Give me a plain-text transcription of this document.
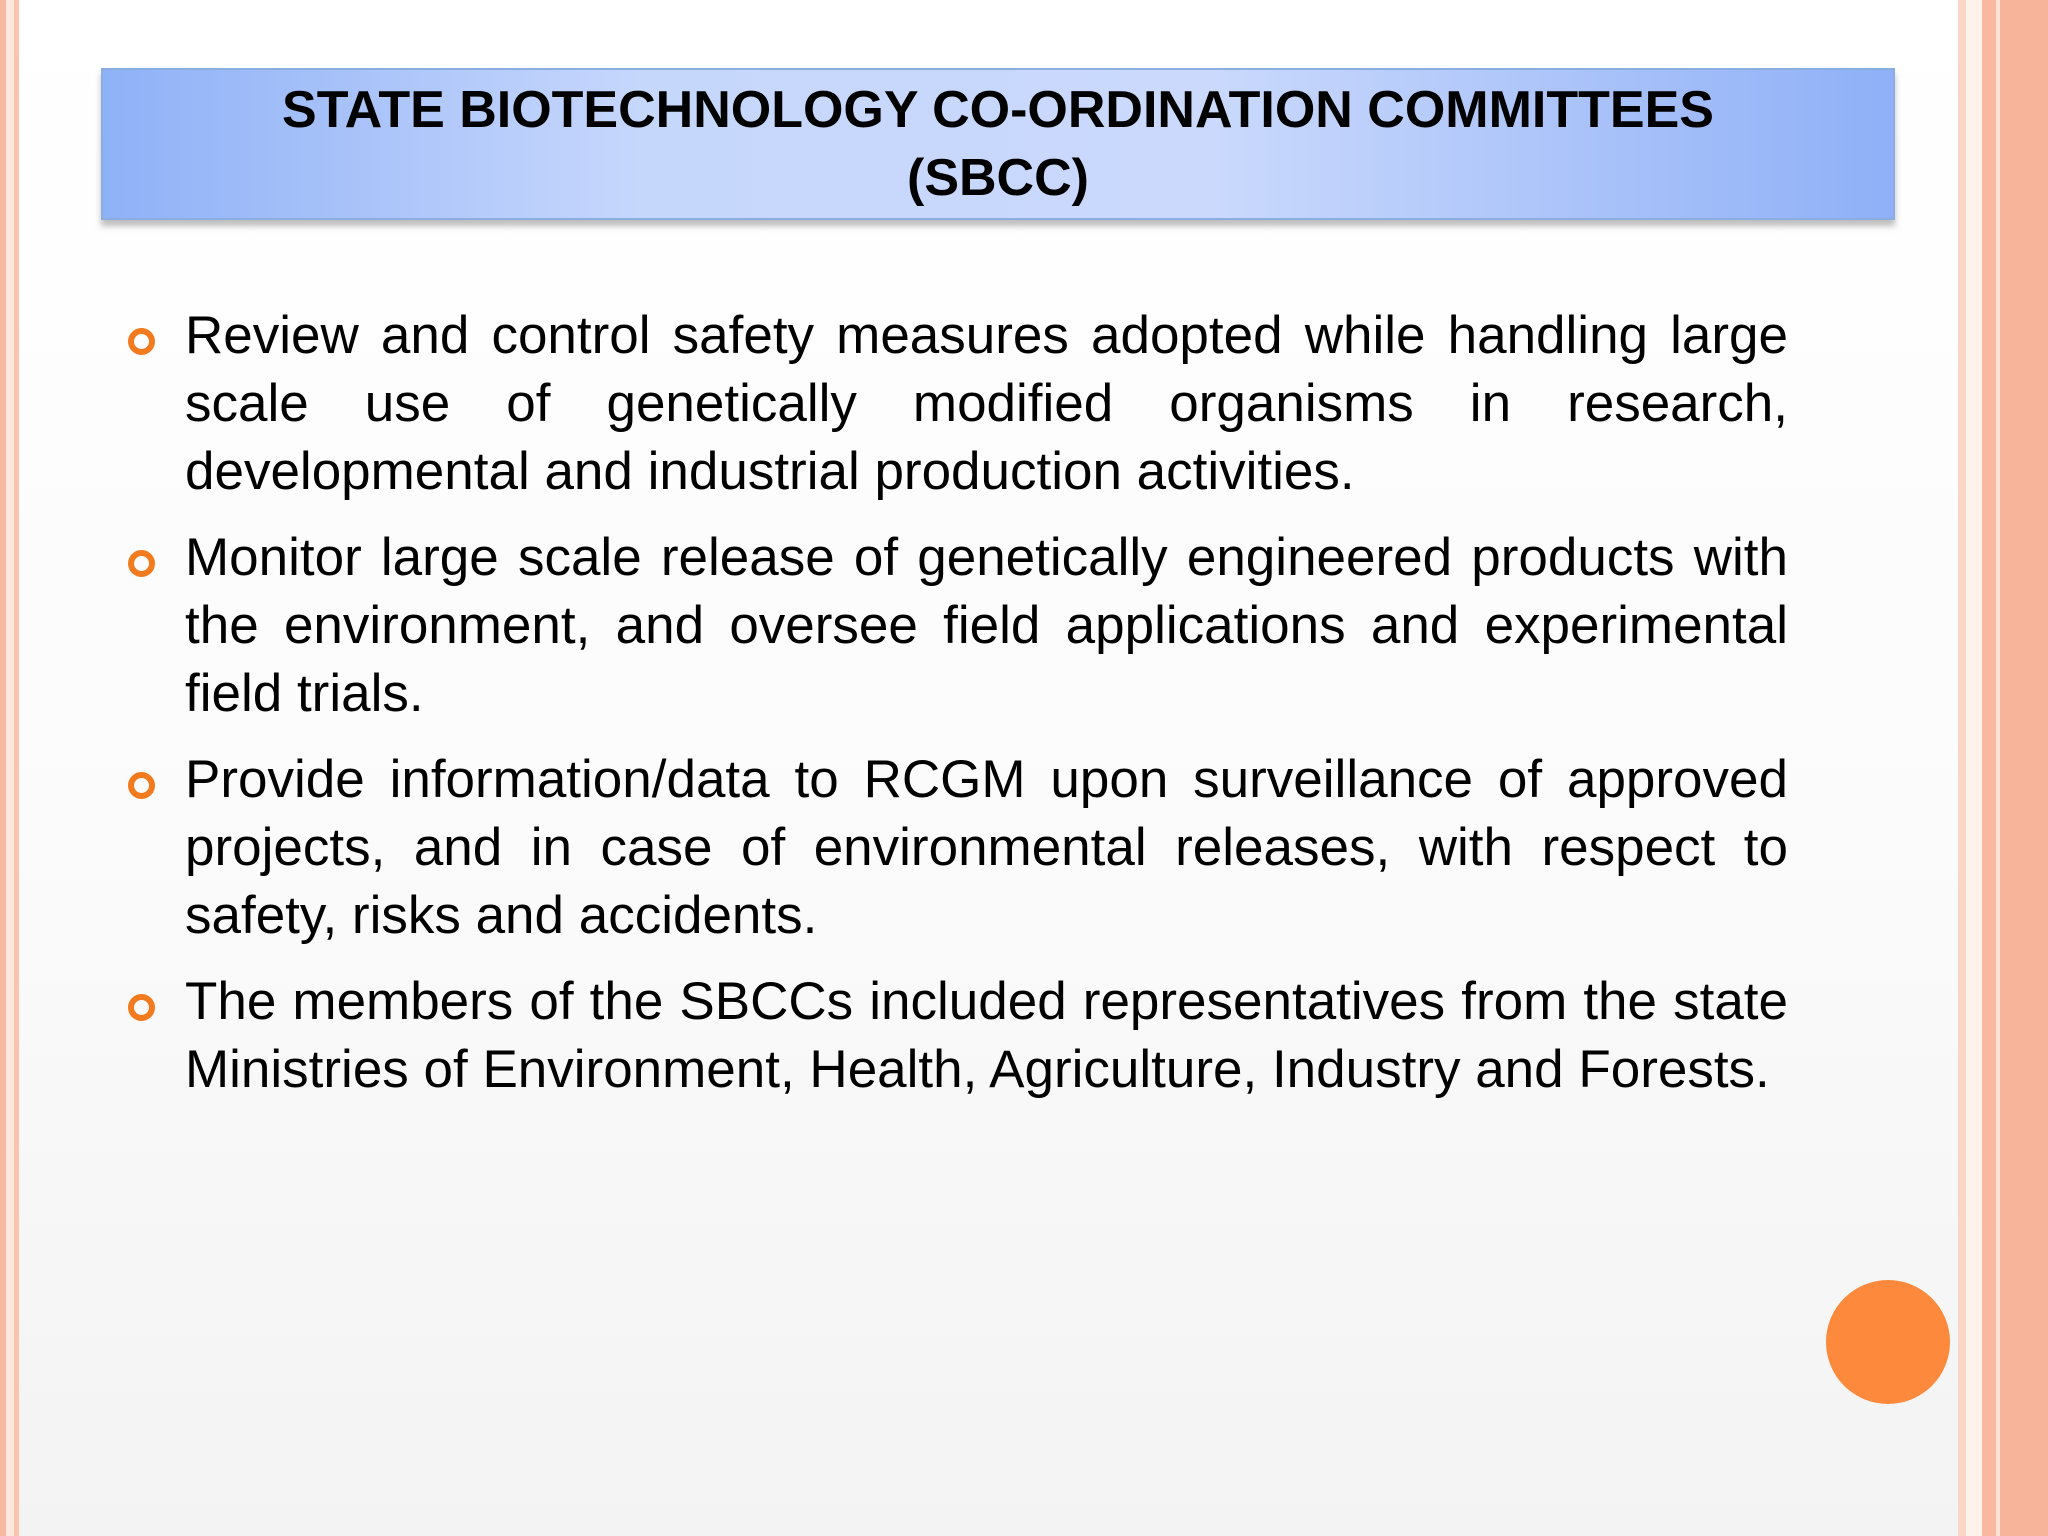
STATE BIOTECHNOLOGY CO-ORDINATION COMMITTEES
(SBCC)
Review and control safety measures adopted while handling large scale use of genetically modified organisms in research, developmental and industrial production activities.
Monitor large scale release of genetically engineered products with the environment, and oversee field applications and experimental field trials.
Provide information/data to RCGM upon surveillance of approved projects, and in case of environmental releases, with respect to safety, risks and accidents.
The members of the SBCCs included representatives from the state Ministries of Environment, Health, Agriculture, Industry and Forests.
